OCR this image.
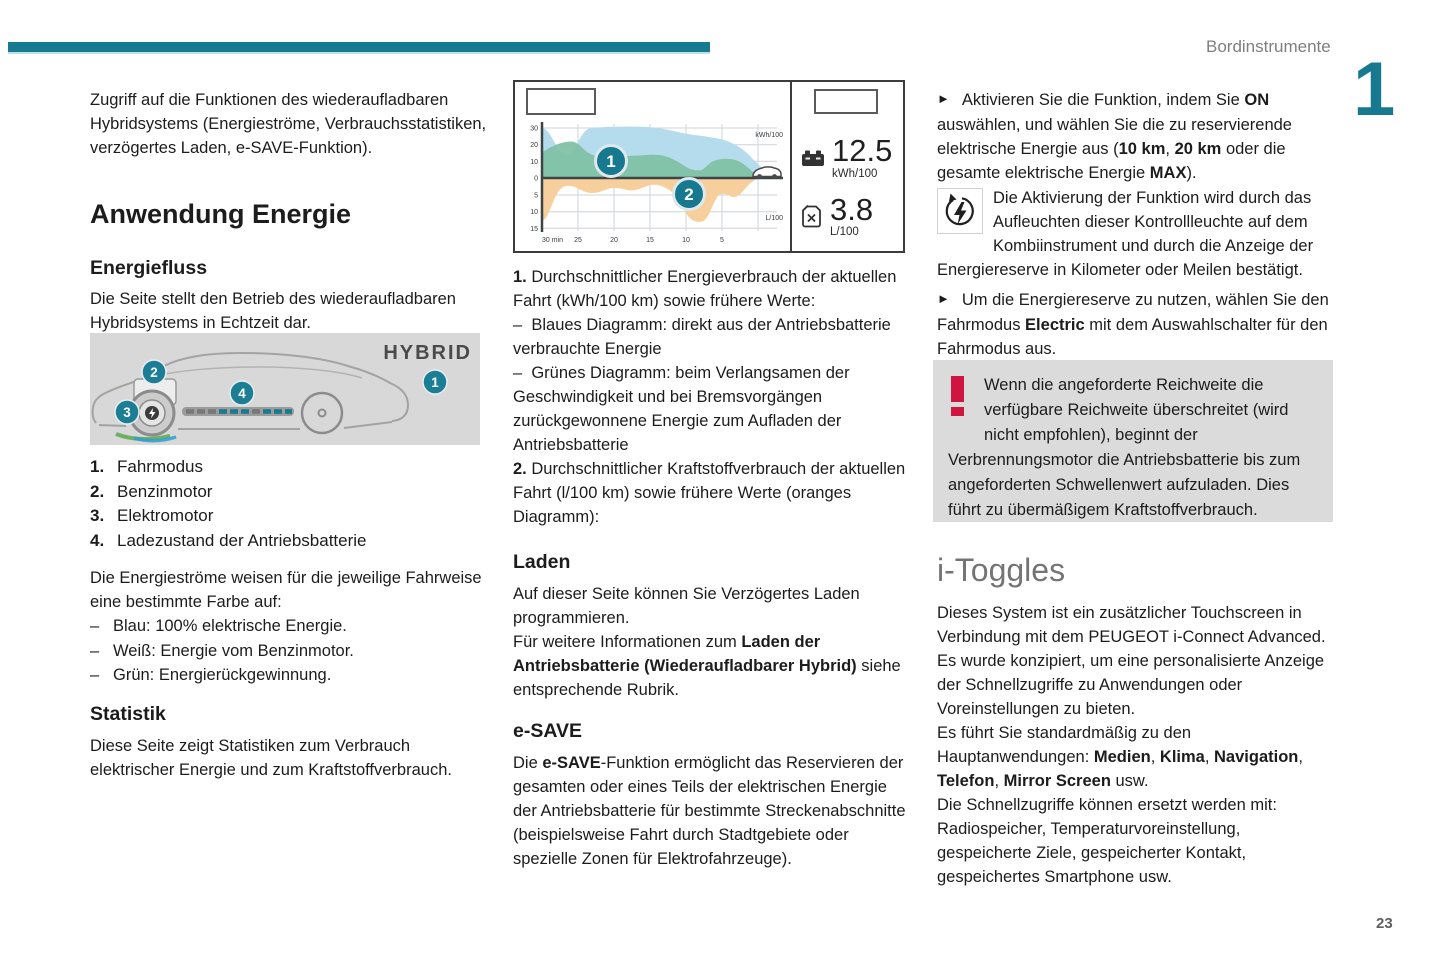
Bordinstrumente
1

Zugriff auf die Funktionen des wiederaufladbaren Hybridsystems (Energieströme, Verbrauchsstatistiken, verzögertes Laden, e-SAVE-Funktion).

Anwendung Energie
Energiefluss

Die Seite stellt den Betrieb des wiederaufladbaren Hybridsystems in Echtzeit dar.

HYBRID
1
2
3
4
1. Fahrmodus
2. Benzinmotor
3. Elektromotor
4. Ladezustand der Antriebsbatterie

Die Energieströme weisen für die jeweilige Fahrweise eine bestimmte Farbe auf:

– Blau: 100% elektrische Energie.
– Weiß: Energie vom Benzinmotor.
– Grün: Energierückgewinnung.
Statistik

Diese Seite zeigt Statistiken zum Verbrauch elektrischer Energie und zum Kraftstoffverbrauch.

30
20
10
0
5
10
15
30 min 25	20	15	10	5
kWh/100
L/100
1
2
12.5
kWh/100
3.8
L/100
1. Durchschnittlicher Energieverbrauch der aktuellen Fahrt (kWh/100 km) sowie frühere Werte:
–  Blaues Diagramm: direkt aus der Antriebsbatterie verbrauchte Energie
–  Grünes Diagramm: beim Verlangsamen der Geschwindigkeit und bei Bremsvorgängen zurückgewonnene Energie zum Aufladen der Antriebsbatterie
2. Durchschnittlicher Kraftstoffverbrauch der aktuellen Fahrt (l/100 km) sowie frühere Werte (oranges Diagramm):
Laden
Auf dieser Seite können Sie Verzögertes Laden programmieren.
Für weitere Informationen zum Laden der Antriebsbatterie (Wiederaufladbarer Hybrid) siehe entsprechende Rubrik.
e-SAVE
Die e-SAVE-Funktion ermöglicht das Reservieren der gesamten oder eines Teils der elektrischen Energie der Antriebsbatterie für bestimmte Streckenabschnitte (beispielsweise Fahrt durch Stadtgebiete oder spezielle Zonen für Elektrofahrzeuge).
► Aktivieren Sie die Funktion, indem Sie ON auswählen, und wählen Sie die zu reservierende elektrische Energie aus (10 km, 20 km oder die gesamte elektrische Energie MAX).
Die Aktivierung der Funktion wird durch das Aufleuchten dieser Kontrollleuchte auf dem Kombiinstrument und durch die Anzeige der Energiereserve in Kilometer oder Meilen bestätigt.
► Um die Energiereserve zu nutzen, wählen Sie den Fahrmodus Electric mit dem Auswahlschalter für den Fahrmodus aus.
Wenn die angeforderte Reichweite die verfügbare Reichweite überschreitet (wird nicht empfohlen), beginnt der Verbrennungsmotor die Antriebsbatterie bis zum angeforderten Schwellenwert aufzuladen. Dies führt zu übermäßigem Kraftstoffverbrauch.
i-Toggles
Dieses System ist ein zusätzlicher Touchscreen in Verbindung mit dem PEUGEOT i-Connect Advanced. Es wurde konzipiert, um eine personalisierte Anzeige der Schnellzugriffe zu Anwendungen oder Voreinstellungen zu bieten.
Es führt Sie standardmäßig zu den Hauptanwendungen: Medien, Klima, Navigation, Telefon, Mirror Screen usw.
Die Schnellzugriffe können ersetzt werden mit: Radiospeicher, Temperaturvoreinstellung, gespeicherte Ziele, gespeicherter Kontakt, gespeichertes Smartphone usw.
23
